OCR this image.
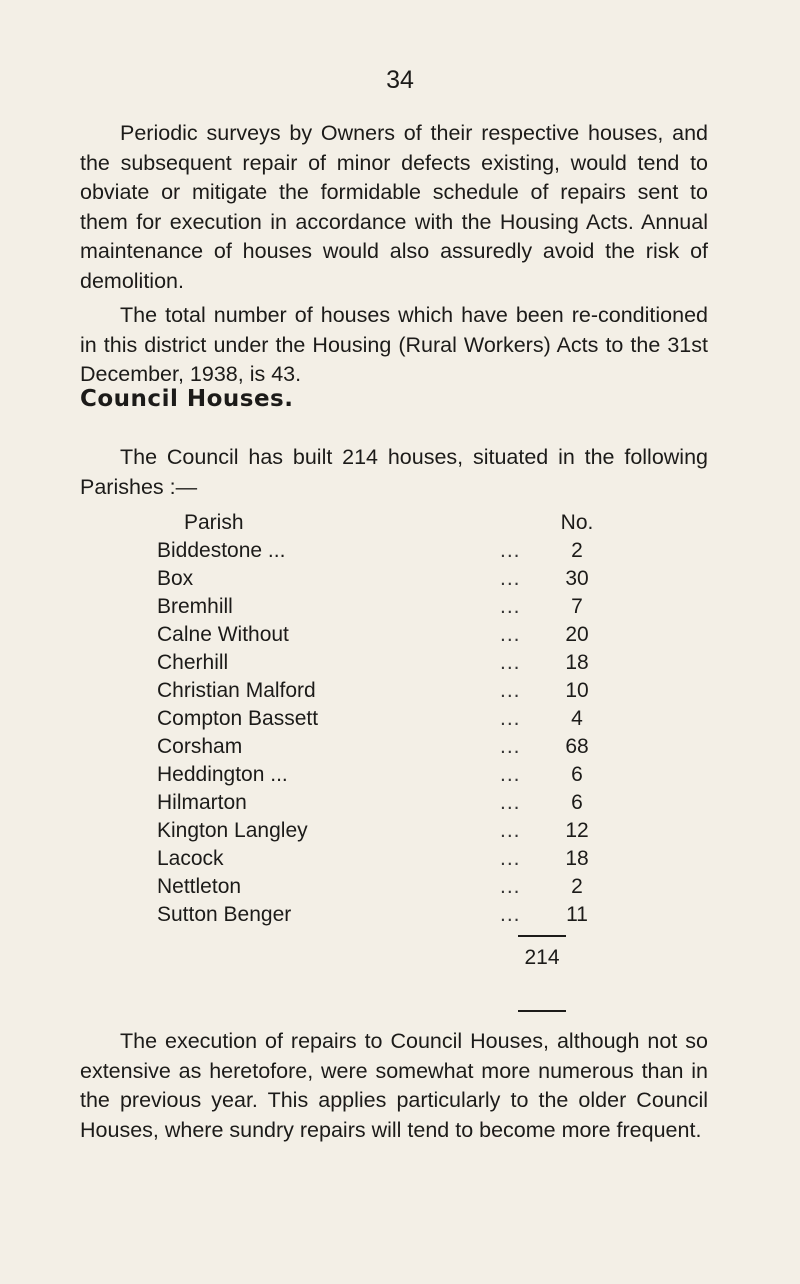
34

Periodic surveys by Owners of their respective houses, and the subsequent repair of minor defects existing, would tend to obviate or mitigate the formidable schedule of repairs sent to them for execution in accordance with the Housing Acts. Annual maintenance of houses would also assuredly avoid the risk of demolition.

The total number of houses which have been re-conditioned in this district under the Housing (Rural Workers) Acts to the 31st December, 1938, is 43.

Council Houses.

The Council has built 214 houses, situated in the following Parishes :—

Parish	No.
Biddestone ...	...	2
Box	...	30
Bremhill	...	7
Calne Without	...	20
Cherhill	...	18
Christian Malford	...	10
Compton Bassett	...	4
Corsham	...	68
Heddington ...	...	6
Hilmarton	...	6
Kington Langley	...	12
Lacock	...	18
Nettleton	...	2
Sutton Benger	...	11
214

The execution of repairs to Council Houses, although not so extensive as heretofore, were somewhat more numerous than in the previous year. This applies particularly to the older Council Houses, where sundry repairs will tend to become more frequent.
